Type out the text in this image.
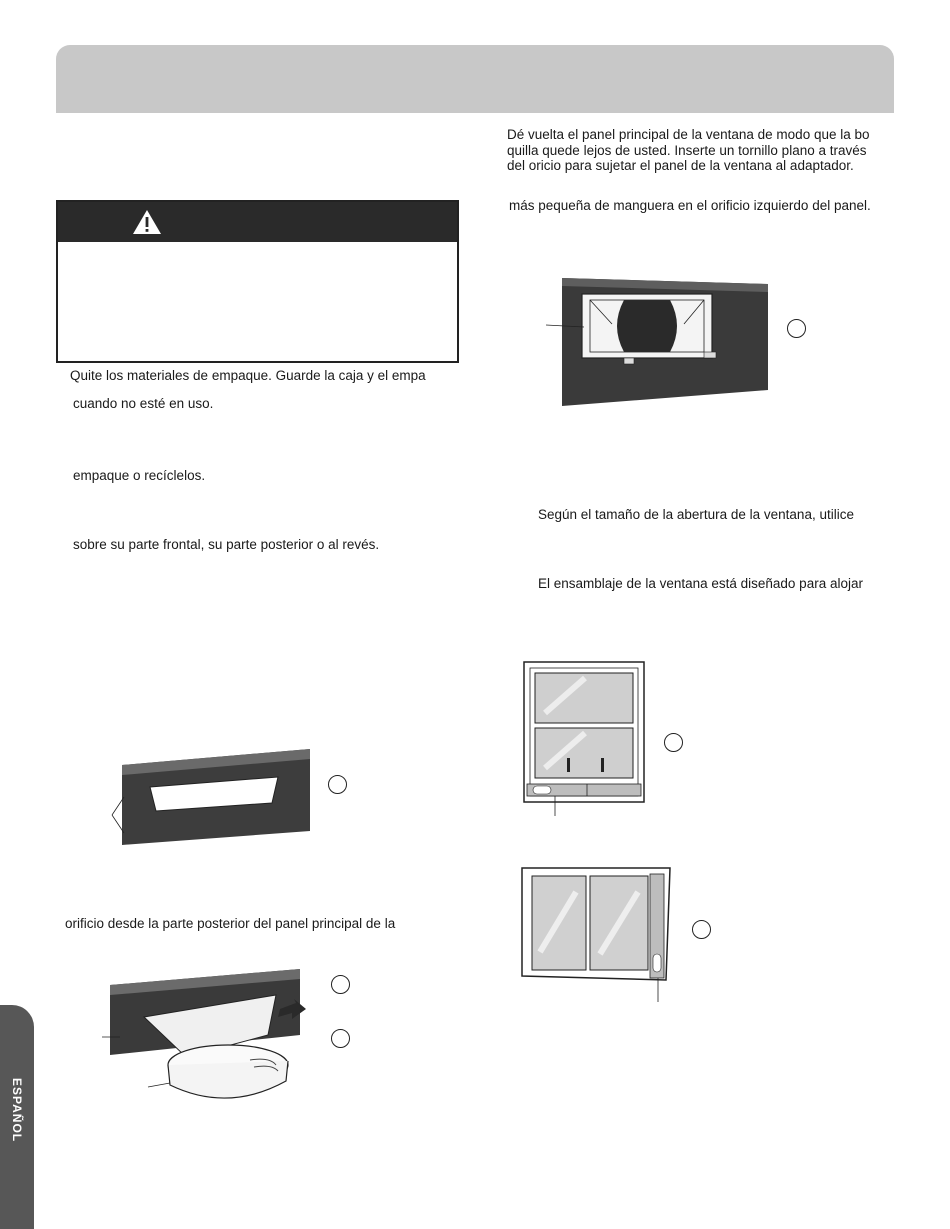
Quite los materiales de empaque. Guarde la caja y el empa
cuando no esté en uso.
empaque o recíclelos.
sobre su parte frontal, su parte posterior o al revés.
orificio desde la parte posterior del panel principal de la
Dé vuelta el panel principal de la ventana de modo que la bo
quilla quede lejos de usted. Inserte un tornillo plano a través
del oricio para sujetar el panel de la ventana al adaptador.
más pequeña de manguera en el orificio izquierdo del panel.
Según el tamaño de la abertura de la ventana, utilice
El ensamblaje de la ventana está diseñado para alojar
ESPAÑOL
